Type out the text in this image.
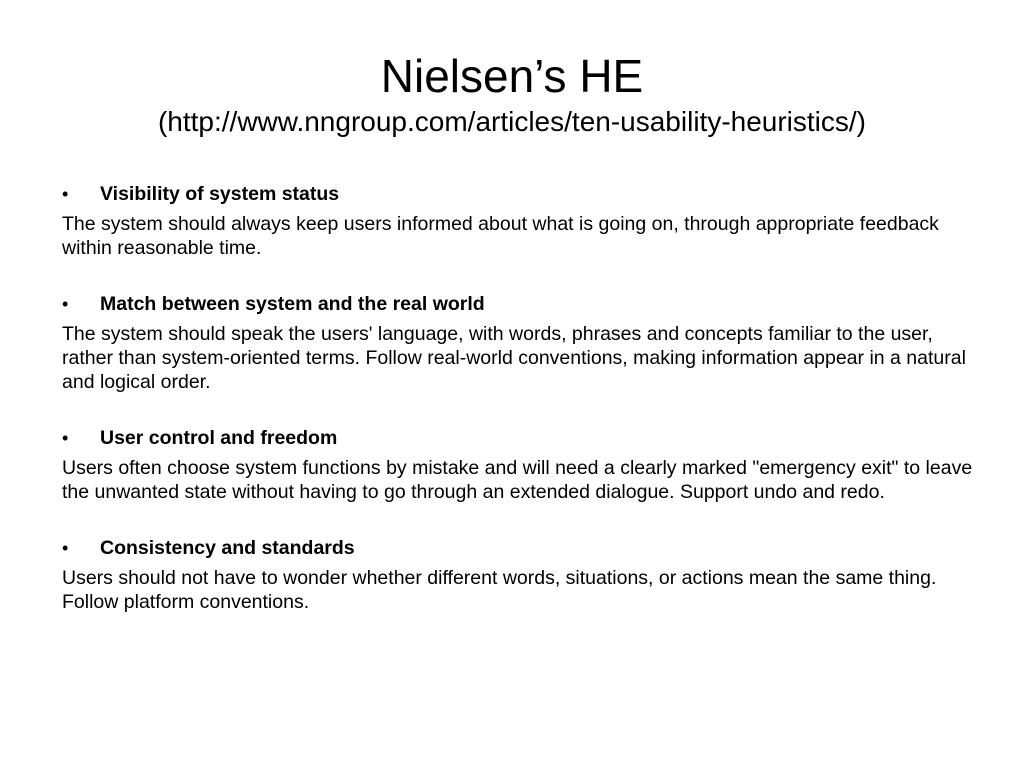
Nielsen’s HE
(http://www.nngroup.com/articles/ten-usability-heuristics/)
• Visibility of system status
The system should always keep users informed about what is going on, through appropriate feedback within reasonable time.
• Match between system and the real world
The system should speak the users' language, with words, phrases and concepts familiar to the user, rather than system-oriented terms. Follow real-world conventions, making information appear in a natural and logical order.
• User control and freedom
Users often choose system functions by mistake and will need a clearly marked "emergency exit" to leave the unwanted state without having to go through an extended dialogue. Support undo and redo.
• Consistency and standards
Users should not have to wonder whether different words, situations, or actions mean the same thing. Follow platform conventions.
